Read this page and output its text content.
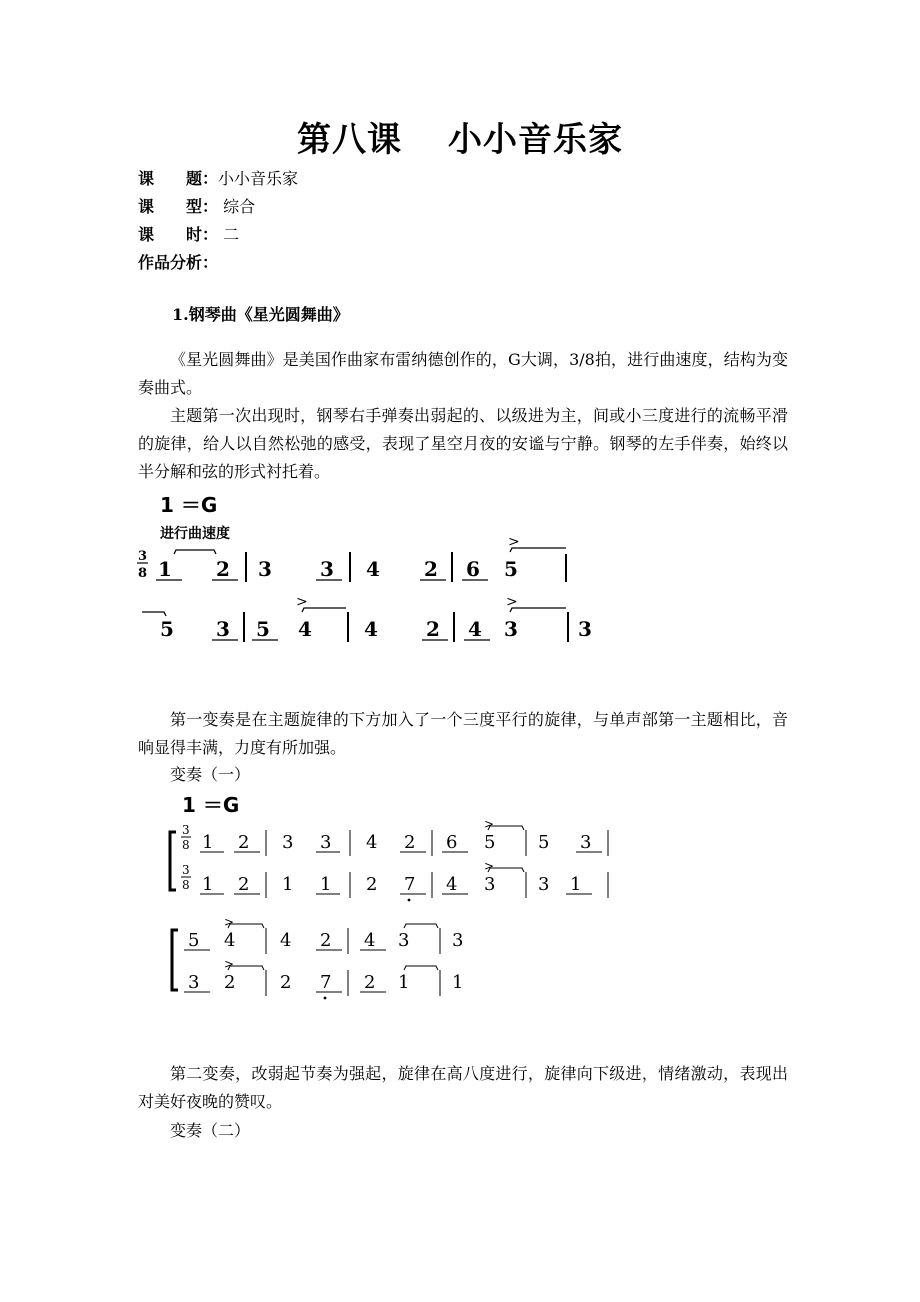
第八课 小小音乐家
课　　题：小小音乐家
课　　型： 综合
课　　时： 二
作品分析：
1.钢琴曲《星光圆舞曲》
《星光圆舞曲》是美国作曲家布雷纳德创作的，G大调，3/8拍，进行曲速度，结构为变奏曲式。
主题第一次出现时，钢琴右手弹奏出弱起的、以级进为主，间或小三度进行的流畅平滑的旋律，给人以自然松弛的感受，表现了星空月夜的安谧与宁静。钢琴的左手伴奏，始终以半分解和弦的形式衬托着。
1 ＝G
进行曲速度
3
8 1 2 3 3 4 2 6 5
>
5 3 5 4	4 2 4 3	3
>	>
第一变奏是在主题旋律的下方加入了一个三度平行的旋律，与单声部第一主题相比，音响显得丰满，力度有所加强。
变奏（一）
1 ＝G
3
8
3
8
1 2 3 3 4 2 6 5 5 3
1 2 1 1 2 7 4 3 3 1
>
>
5 4 4 2 4 3 3
3 2 2 7 2 1 1
>
>
第二变奏，改弱起节奏为强起，旋律在高八度进行，旋律向下级进，情绪激动，表现出对美好夜晚的赞叹。
变奏（二）
